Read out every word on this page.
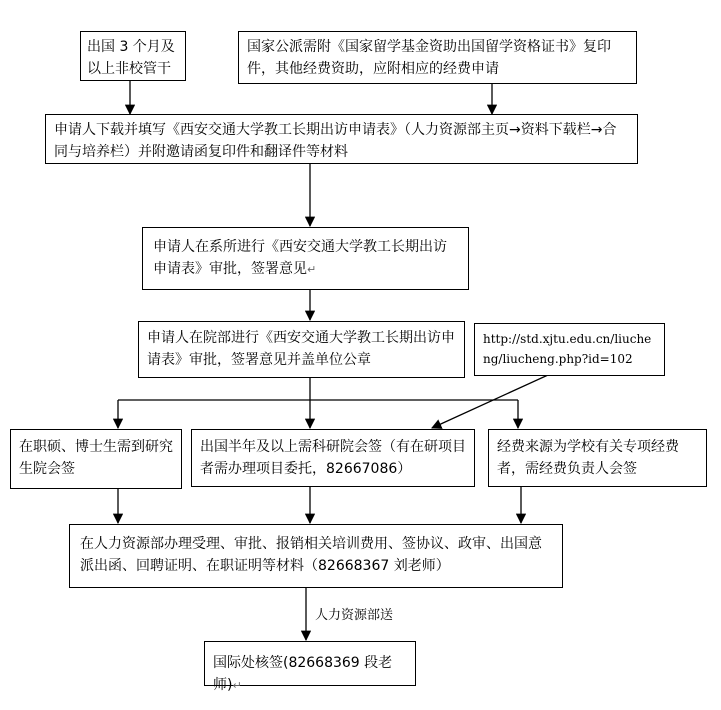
出国 3 个月及以上非校管干
国家公派需附《国家留学基金资助出国留学资格证书》复印件，其他经费资助，应附相应的经费申请
申请人下载并填写《西安交通大学教工长期出访申请表》（人力资源部主页→资料下载栏→合同与培养栏）并附邀请函复印件和翻译件等材料
申请人在系所进行《西安交通大学教工长期出访申请表》审批，签署意见 ↵
申请人在院部进行《西安交通大学教工长期出访申请表》审批，签署意见并盖单位公章
http://std.xjtu.edu.cn/liucheng/liucheng.php?id=102
在职硕、博士生需到研究生院会签
出国半年及以上需科研院会签（有在研项目者需办理项目委托，82667086）
经费来源为学校有关专项经费者，需经费负责人会签
在人力资源部办理受理、审批、报销相关培训费用、签协议、政审、出国意派出函、回聘证明、在职证明等材料（82668367 刘老师）
人力资源部送
国际处核签(82668369 段老师) ↵
